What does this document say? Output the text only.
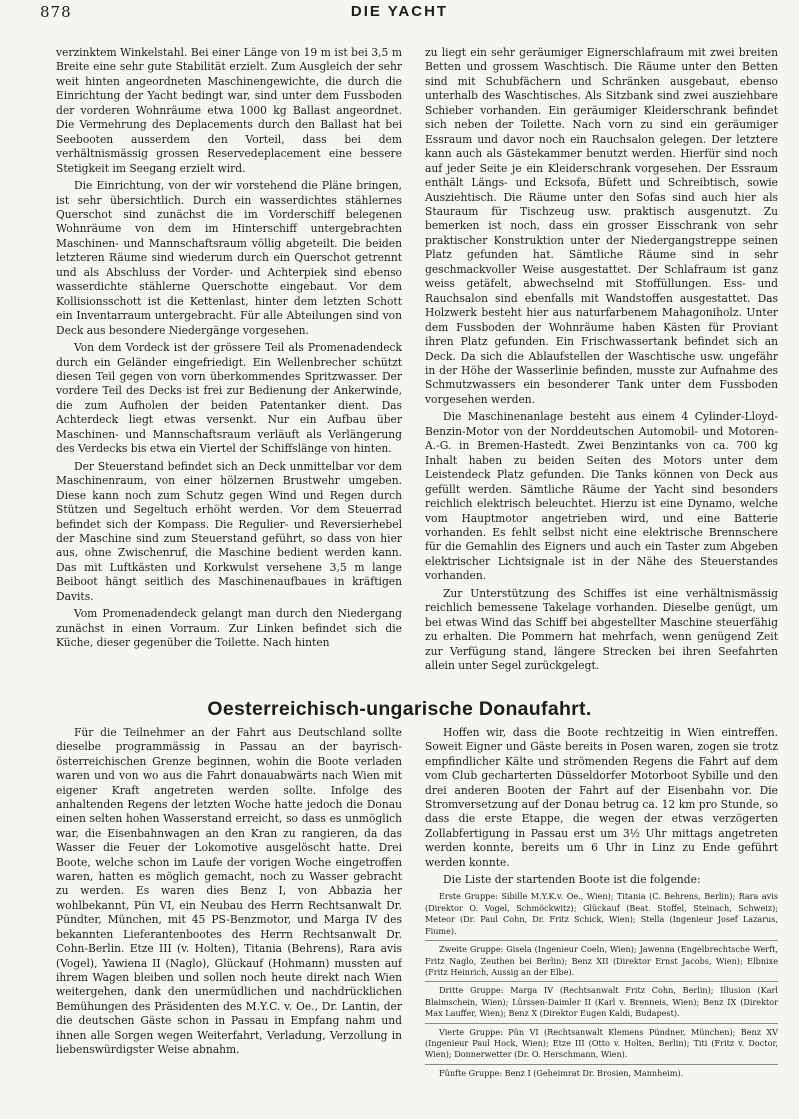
878	DIE YACHT

verzinktem Winkelstahl. Bei einer Länge von 19 m ist bei 3,5 m Breite eine sehr gute Stabilität erzielt. Zum Ausgleich der sehr weit hinten angeordneten Maschinengewichte, die durch die Einrichtung der Yacht bedingt war, sind unter dem Fussboden der vorderen Wohnräume etwa 1000 kg Ballast angeordnet. Die Vermehrung des Deplacements durch den Ballast hat bei Seebooten ausserdem den Vorteil, dass bei dem verhältnismässig grossen Reservedeplacement eine bessere Stetigkeit im Seegang erzielt wird.

Die Einrichtung, von der wir vorstehend die Pläne bringen, ist sehr übersichtlich. Durch ein wasserdichtes stählernes Querschot sind zunächst die im Vorderschiff belegenen Wohnräume von dem im Hinterschiff untergebrachten Maschinen- und Mannschaftsraum völlig abgeteilt. Die beiden letzteren Räume sind wiederum durch ein Querschot getrennt und als Abschluss der Vorder- und Achterpiek sind ebenso wasserdichte stählerne Querschotte eingebaut. Vor dem Kollisionsschott ist die Kettenlast, hinter dem letzten Schott ein Inventarraum untergebracht. Für alle Abteilungen sind von Deck aus besondere Niedergänge vorgesehen.

Von dem Vordeck ist der grössere Teil als Promenadendeck durch ein Geländer eingefriedigt. Ein Wellenbrecher schützt diesen Teil gegen von vorn überkommendes Spritzwasser. Der vordere Teil des Decks ist frei zur Bedienung der Ankerwinde, die zum Aufholen der beiden Patentanker dient. Das Achterdeck liegt etwas versenkt. Nur ein Aufbau über Maschinen- und Mannschaftsraum verläuft als Verlängerung des Verdecks bis etwa ein Viertel der Schiffslänge von hinten.

Der Steuerstand befindet sich an Deck unmittelbar vor dem Maschinenraum, von einer hölzernen Brustwehr umgeben. Diese kann noch zum Schutz gegen Wind und Regen durch Stützen und Segeltuch erhöht werden. Vor dem Steuerrad befindet sich der Kompass. Die Regulier- und Reversierhebel der Maschine sind zum Steuerstand geführt, so dass von hier aus, ohne Zwischenruf, die Maschine bedient werden kann. Das mit Luftkästen und Korkwulst versehene 3,5 m lange Beiboot hängt seitlich des Maschinenaufbaues in kräftigen Davits.

Vom Promenadendeck gelangt man durch den Niedergang zunächst in einen Vorraum. Zur Linken befindet sich die Küche, dieser gegenüber die Toilette. Nach hinten

zu liegt ein sehr geräumiger Eignerschlafraum mit zwei breiten Betten und grossem Waschtisch. Die Räume unter den Betten sind mit Schubfächern und Schränken ausgebaut, ebenso unterhalb des Waschtisches. Als Sitzbank sind zwei ausziehbare Schieber vorhanden. Ein geräumiger Kleiderschrank befindet sich neben der Toilette. Nach vorn zu sind ein geräumiger Essraum und davor noch ein Rauchsalon gelegen. Der letztere kann auch als Gästekammer benutzt werden. Hierfür sind noch auf jeder Seite je ein Kleiderschrank vorgesehen. Der Essraum enthält Längs- und Ecksofa, Büfett und Schreibtisch, sowie Ausziehtisch. Die Räume unter den Sofas sind auch hier als Stauraum für Tischzeug usw. praktisch ausgenutzt. Zu bemerken ist noch, dass ein grosser Eisschrank von sehr praktischer Konstruktion unter der Niedergangstreppe seinen Platz gefunden hat. Sämtliche Räume sind in sehr geschmackvoller Weise ausgestattet. Der Schlafraum ist ganz weiss getäfelt, abwechselnd mit Stoffüllungen. Ess- und Rauchsalon sind ebenfalls mit Wandstoffen ausgestattet. Das Holzwerk besteht hier aus naturfarbenem Mahagoniholz. Unter dem Fussboden der Wohnräume haben Kästen für Proviant ihren Platz gefunden. Ein Frischwassertank befindet sich an Deck. Da sich die Ablaufstellen der Waschtische usw. ungefähr in der Höhe der Wasserlinie befinden, musste zur Aufnahme des Schmutzwassers ein besonderer Tank unter dem Fussboden vorgesehen werden.

Die Maschinenanlage besteht aus einem 4 Cylinder-Lloyd-Benzin-Motor von der Norddeutschen Automobil- und Motoren-A.-G. in Bremen-Hastedt. Zwei Benzintanks von ca. 700 kg Inhalt haben zu beiden Seiten des Motors unter dem Leistendeck Platz gefunden. Die Tanks können von Deck aus gefüllt werden. Sämtliche Räume der Yacht sind besonders reichlich elektrisch beleuchtet. Hierzu ist eine Dynamo, welche vom Hauptmotor angetrieben wird, und eine Batterie vorhanden. Es fehlt selbst nicht eine elektrische Brennschere für die Gemahlin des Eigners und auch ein Taster zum Abgeben elektrischer Lichtsignale ist in der Nähe des Steuerstandes vorhanden.

Zur Unterstützung des Schiffes ist eine verhältnismässig reichlich bemessene Takelage vorhanden. Dieselbe genügt, um bei etwas Wind das Schiff bei abgestellter Maschine steuerfähig zu erhalten. Die Pommern hat mehrfach, wenn genügend Zeit zur Verfügung stand, längere Strecken bei ihren Seefahrten allein unter Segel zurückgelegt.

Oesterreichisch-ungarische Donaufahrt.

Für die Teilnehmer an der Fahrt aus Deutschland sollte dieselbe programmässig in Passau an der bayrisch-österreichischen Grenze beginnen, wohin die Boote verladen waren und von wo aus die Fahrt donauabwärts nach Wien mit eigener Kraft angetreten werden sollte. Infolge des anhaltenden Regens der letzten Woche hatte jedoch die Donau einen selten hohen Wasserstand erreicht, so dass es unmöglich war, die Eisenbahnwagen an den Kran zu rangieren, da das Wasser die Feuer der Lokomotive ausgelöscht hatte. Drei Boote, welche schon im Laufe der vorigen Woche eingetroffen waren, hatten es möglich gemacht, noch zu Wasser gebracht zu werden. Es waren dies Benz I, von Abbazia her wohlbekannt, Pün VI, ein Neubau des Herrn Rechtsanwalt Dr. Pündter, München, mit 45 PS-Benzmotor, und Marga IV des bekannten Lieferantenbootes des Herrn Rechtsanwalt Dr. Cohn-Berlin. Etze III (v. Holten), Titania (Behrens), Rara avis (Vogel), Yawiena II (Naglo), Glückauf (Hohmann) mussten auf ihrem Wagen bleiben und sollen noch heute direkt nach Wien weitergehen, dank den unermüdlichen und nachdrücklichen Bemühungen des Präsidenten des M.Y.C. v. Oe., Dr. Lantin, der die deutschen Gäste schon in Passau in Empfang nahm und ihnen alle Sorgen wegen Weiterfahrt, Verladung, Verzollung in liebenswürdigster Weise abnahm.

Hoffen wir, dass die Boote rechtzeitig in Wien eintreffen. Soweit Eigner und Gäste bereits in Posen waren, zogen sie trotz empfindlicher Kälte und strömenden Regens die Fahrt auf dem vom Club gecharterten Düsseldorfer Motorboot Sybille und den drei anderen Booten der Fahrt auf der Eisenbahn vor. Die Stromversetzung auf der Donau betrug ca. 12 km pro Stunde, so dass die erste Etappe, die wegen der etwas verzögerten Zollabfertigung in Passau erst um 3½ Uhr mittags angetreten werden konnte, bereits um 6 Uhr in Linz zu Ende geführt werden konnte.

Die Liste der startenden Boote ist die folgende:

Erste Gruppe: Sibille M.Y.K.v. Oe., Wien); Titania (C. Behrens, Berlin); Rara avis (Direktor O. Vogel, Schmöckwitz); Glückauf (Beat. Stoffel, Steinach, Schweiz); Meteor (Dr. Paul Cohn, Dr. Fritz Schick, Wien); Stella (Ingenieur Josef Lazarus, Fiume).

Zweite Gruppe: Gisela (Ingenieur Coeln, Wien); Jawenna (Engelbrechtsche Werft, Fritz Naglo, Zeuthen bei Berlin); Benz XII (Direktor Ernst Jacobs, Wien); Elbnixe (Fritz Heinrich, Aussig an der Elbe).

Dritte Gruppe: Marga IV (Rechtsanwalt Fritz Cohn, Berlin); Illusion (Karl Blaimschein, Wien); Lürssen-Daimler II (Karl v. Brenneis, Wien); Benz IX (Direktor Max Lauffer, Wien); Benz X (Direktor Eugen Kaldi, Budapest).

Vierte Gruppe: Pün VI (Rechtsanwalt Klemens Pündner, München); Benz XV (Ingenieur Paul Hock, Wien); Etze III (Otto v. Holten, Berlin); Titi (Fritz v. Doctor, Wien); Donnerwetter (Dr. O. Herschmann, Wien).

Fünfte Gruppe: Benz I (Geheimrat Dr. Brosien, Mannheim).
